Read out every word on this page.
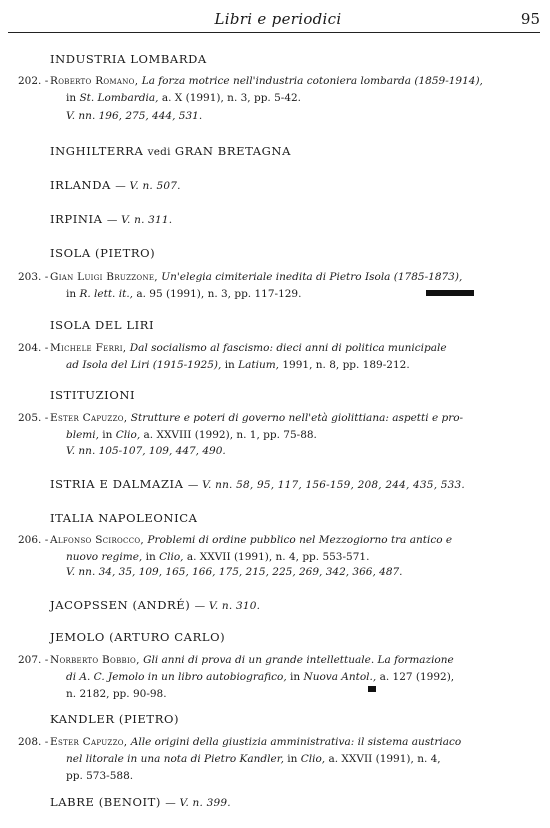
Libri e periodici	95
INDUSTRIA LOMBARDA
202. - Roberto Romano, La forza motrice nell'industria cotoniera lombarda (1859-1914),
in St. Lombardia, a. X (1991), n. 3, pp. 5-42.
V. nn. 196, 275, 444, 531.
INGHILTERRA vedi GRAN BRETAGNA
IRLANDA — V. n. 507.
IRPINIA — V. n. 311.
ISOLA (PIETRO)
203. - Gian Luigi Bruzzone, Un'elegia cimiteriale inedita di Pietro Isola (1785-1873),
in R. lett. it., a. 95 (1991), n. 3, pp. 117-129.
ISOLA DEL LIRI
204. - Michele Ferri, Dal socialismo al fascismo: dieci anni di politica municipale
ad Isola del Liri (1915-1925), in Latium, 1991, n. 8, pp. 189-212.
ISTITUZIONI
205. - Ester Capuzzo, Strutture e poteri di governo nell'età giolittiana: aspetti e pro-
blemi, in Clio, a. XXVIII (1992), n. 1, pp. 75-88.
V. nn. 105-107, 109, 447, 490.
ISTRIA E DALMAZIA — V. nn. 58, 95, 117, 156-159, 208, 244, 435, 533.
ITALIA NAPOLEONICA
206. - Alfonso Scirocco, Problemi di ordine pubblico nel Mezzogiorno tra antico e
nuovo regime, in Clio, a. XXVII (1991), n. 4, pp. 553-571.
V. nn. 34, 35, 109, 165, 166, 175, 215, 225, 269, 342, 366, 487.
JACOPSSEN (ANDRÉ) — V. n. 310.
JEMOLO (ARTURO CARLO)
207. - Norberto Bobbio, Gli anni di prova di un grande intellettuale. La formazione
di A. C. Jemolo in un libro autobiografico, in Nuova Antol., a. 127 (1992),
n. 2182, pp. 90-98.
KANDLER (PIETRO)
208. - Ester Capuzzo, Alle origini della giustizia amministrativa: il sistema austriaco
nel litorale in una nota di Pietro Kandler, in Clio, a. XXVII (1991), n. 4,
pp. 573-588.
LABRE (BENOIT) — V. n. 399.
